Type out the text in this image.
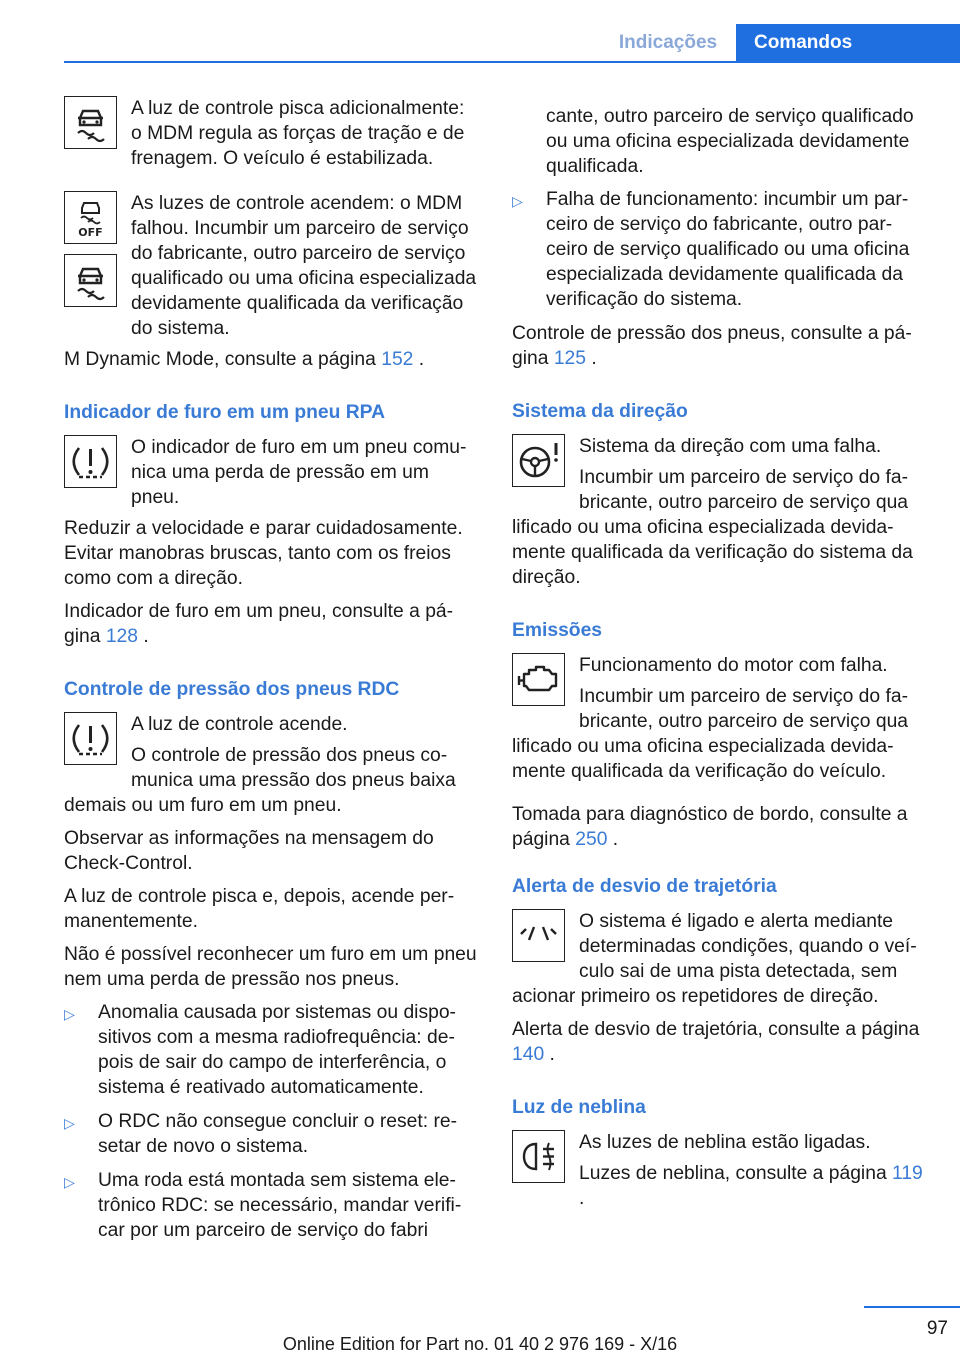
Indicações	Comandos

A luz de controle pisca adicionalmente: o MDM regula as forças de tração e de frenagem. O veículo é estabilizada.

OFF

As luzes de controle acendem: o MDM falhou. Incumbir um parceiro de serviço do fabricante, outro parceiro de serviço qualificado ou uma oficina especializada devidamente qualificada da verificação do sistema.

M Dynamic Mode, consulte a página 152 .

Indicador de furo em um pneu RPA

O indicador de furo em um pneu comunica uma perda de pressão em um pneu.

Reduzir a velocidade e parar cuidadosamente. Evitar manobras bruscas, tanto com os freios como com a direção.

Indicador de furo em um pneu, consulte a página 128 .

Controle de pressão dos pneus RDC

A luz de controle acende.

O controle de pressão dos pneus comunica uma pressão dos pneus baixa

demais ou um furo em um pneu.

Observar as informações na mensagem do Check-Control.

A luz de controle pisca e, depois, acende permanentemente.

Não é possível reconhecer um furo em um pneu nem uma perda de pressão nos pneus.

▷ Anomalia causada por sistemas ou dispositivos com a mesma radiofrequência: depois de sair do campo de interferência, o sistema é reativado automaticamente.
▷ O RDC não consegue concluir o reset: resetar de novo o sistema.
▷ Uma roda está montada sem sistema eletrônico RDC: se necessário, mandar verificar por um parceiro de serviço do fabri

cante, outro parceiro de serviço qualificado ou uma oficina especializada devidamente qualificada.

▷ Falha de funcionamento: incumbir um parceiro de serviço do fabricante, outro parceiro de serviço qualificado ou uma oficina especializada devidamente qualificada da verificação do sistema.

Controle de pressão dos pneus, consulte a página 125 .

Sistema da direção

Sistema da direção com uma falha.

Incumbir um parceiro de serviço do fabricante, outro parceiro de serviço qua

lificado ou uma oficina especializada devidamente qualificada da verificação do sistema da direção.

Emissões

Funcionamento do motor com falha.

Incumbir um parceiro de serviço do fabricante, outro parceiro de serviço qua

lificado ou uma oficina especializada devidamente qualificada da verificação do veículo.

Tomada para diagnóstico de bordo, consulte a página 250 .

Alerta de desvio de trajetória

O sistema é ligado e alerta mediante determinadas condições, quando o veículo sai de uma pista detectada, sem

acionar primeiro os repetidores de direção.

Alerta de desvio de trajetória, consulte a página 140 .

Luz de neblina

As luzes de neblina estão ligadas.

Luzes de neblina, consulte a página 119 .

97
Online Edition for Part no. 01 40 2 976 169 - X/16
